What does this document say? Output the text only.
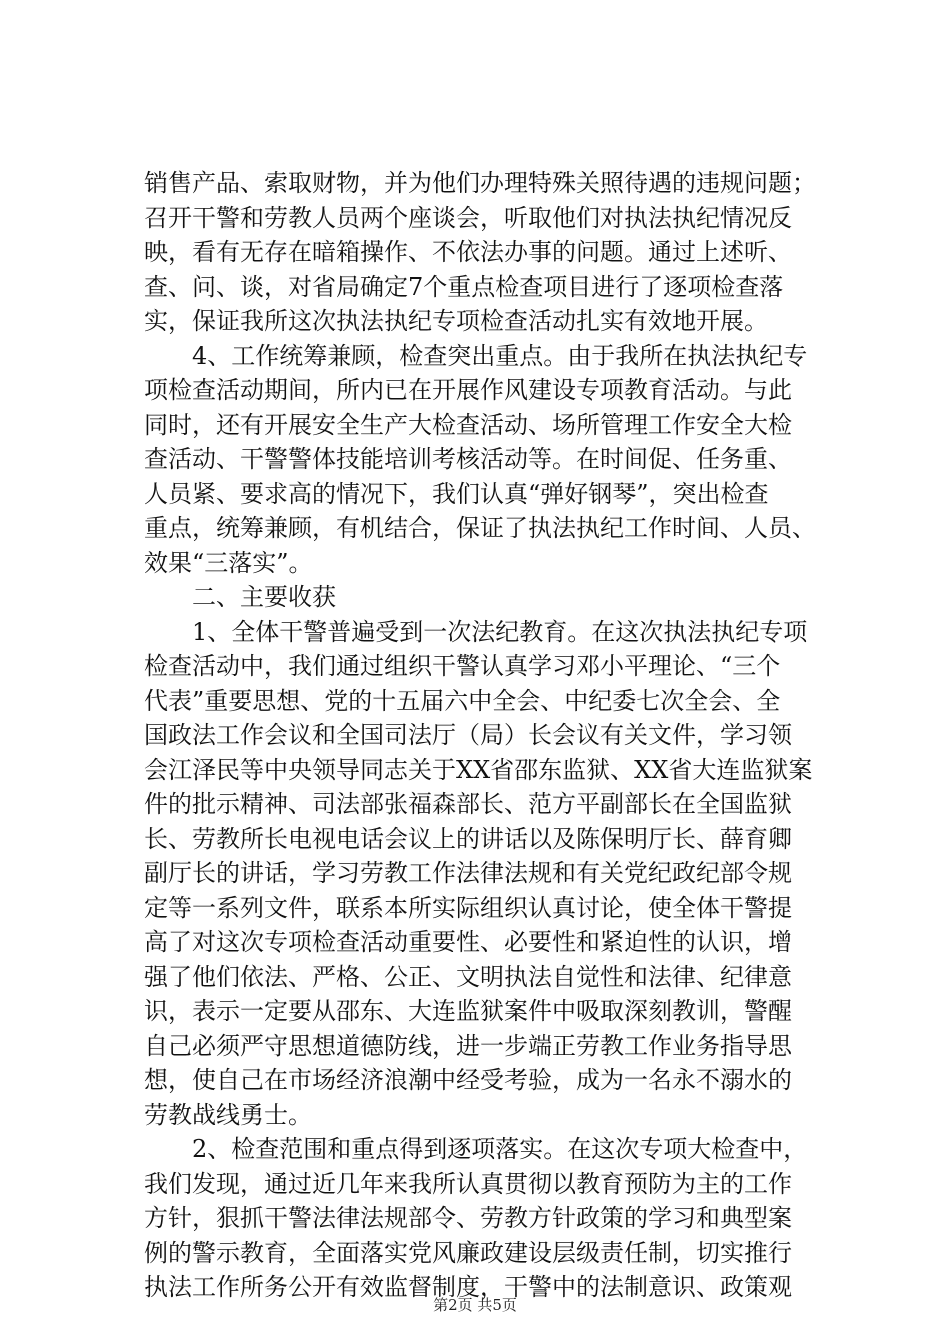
销售产品、索取财物，并为他们办理特殊关照待遇的违规问题；
召开干警和劳教人员两个座谈会，听取他们对执法执纪情况反
映，看有无存在暗箱操作、不依法办事的问题。通过上述听、
查、问、谈，对省局确定7个重点检查项目进行了逐项检查落
实，保证我所这次执法执纪专项检查活动扎实有效地开展。
4、工作统筹兼顾，检查突出重点。由于我所在执法执纪专
项检查活动期间，所内已在开展作风建设专项教育活动。与此
同时，还有开展安全生产大检查活动、场所管理工作安全大检
查活动、干警警体技能培训考核活动等。在时间促、任务重、
人员紧、要求高的情况下，我们认真“弹好钢琴”，突出检查
重点，统筹兼顾，有机结合，保证了执法执纪工作时间、人员、
效果“三落实”。
二、主要收获
1、全体干警普遍受到一次法纪教育。在这次执法执纪专项
检查活动中，我们通过组织干警认真学习邓小平理论、“三个
代表”重要思想、党的十五届六中全会、中纪委七次全会、全
国政法工作会议和全国司法厅（局）长会议有关文件，学习领
会江泽民等中央领导同志关于XX省邵东监狱、XX省大连监狱案
件的批示精神、司法部张福森部长、范方平副部长在全国监狱
长、劳教所长电视电话会议上的讲话以及陈保明厅长、薛育卿
副厅长的讲话，学习劳教工作法律法规和有关党纪政纪部令规
定等一系列文件，联系本所实际组织认真讨论，使全体干警提
高了对这次专项检查活动重要性、必要性和紧迫性的认识，增
强了他们依法、严格、公正、文明执法自觉性和法律、纪律意
识，表示一定要从邵东、大连监狱案件中吸取深刻教训，警醒
自己必须严守思想道德防线，进一步端正劳教工作业务指导思
想，使自己在市场经济浪潮中经受考验，成为一名永不溺水的
劳教战线勇士。
2、检查范围和重点得到逐项落实。在这次专项大检查中，
我们发现，通过近几年来我所认真贯彻以教育预防为主的工作
方针，狠抓干警法律法规部令、劳教方针政策的学习和典型案
例的警示教育，全面落实党风廉政建设层级责任制，切实推行
执法工作所务公开有效监督制度，干警中的法制意识、政策观
第2页 共5页
